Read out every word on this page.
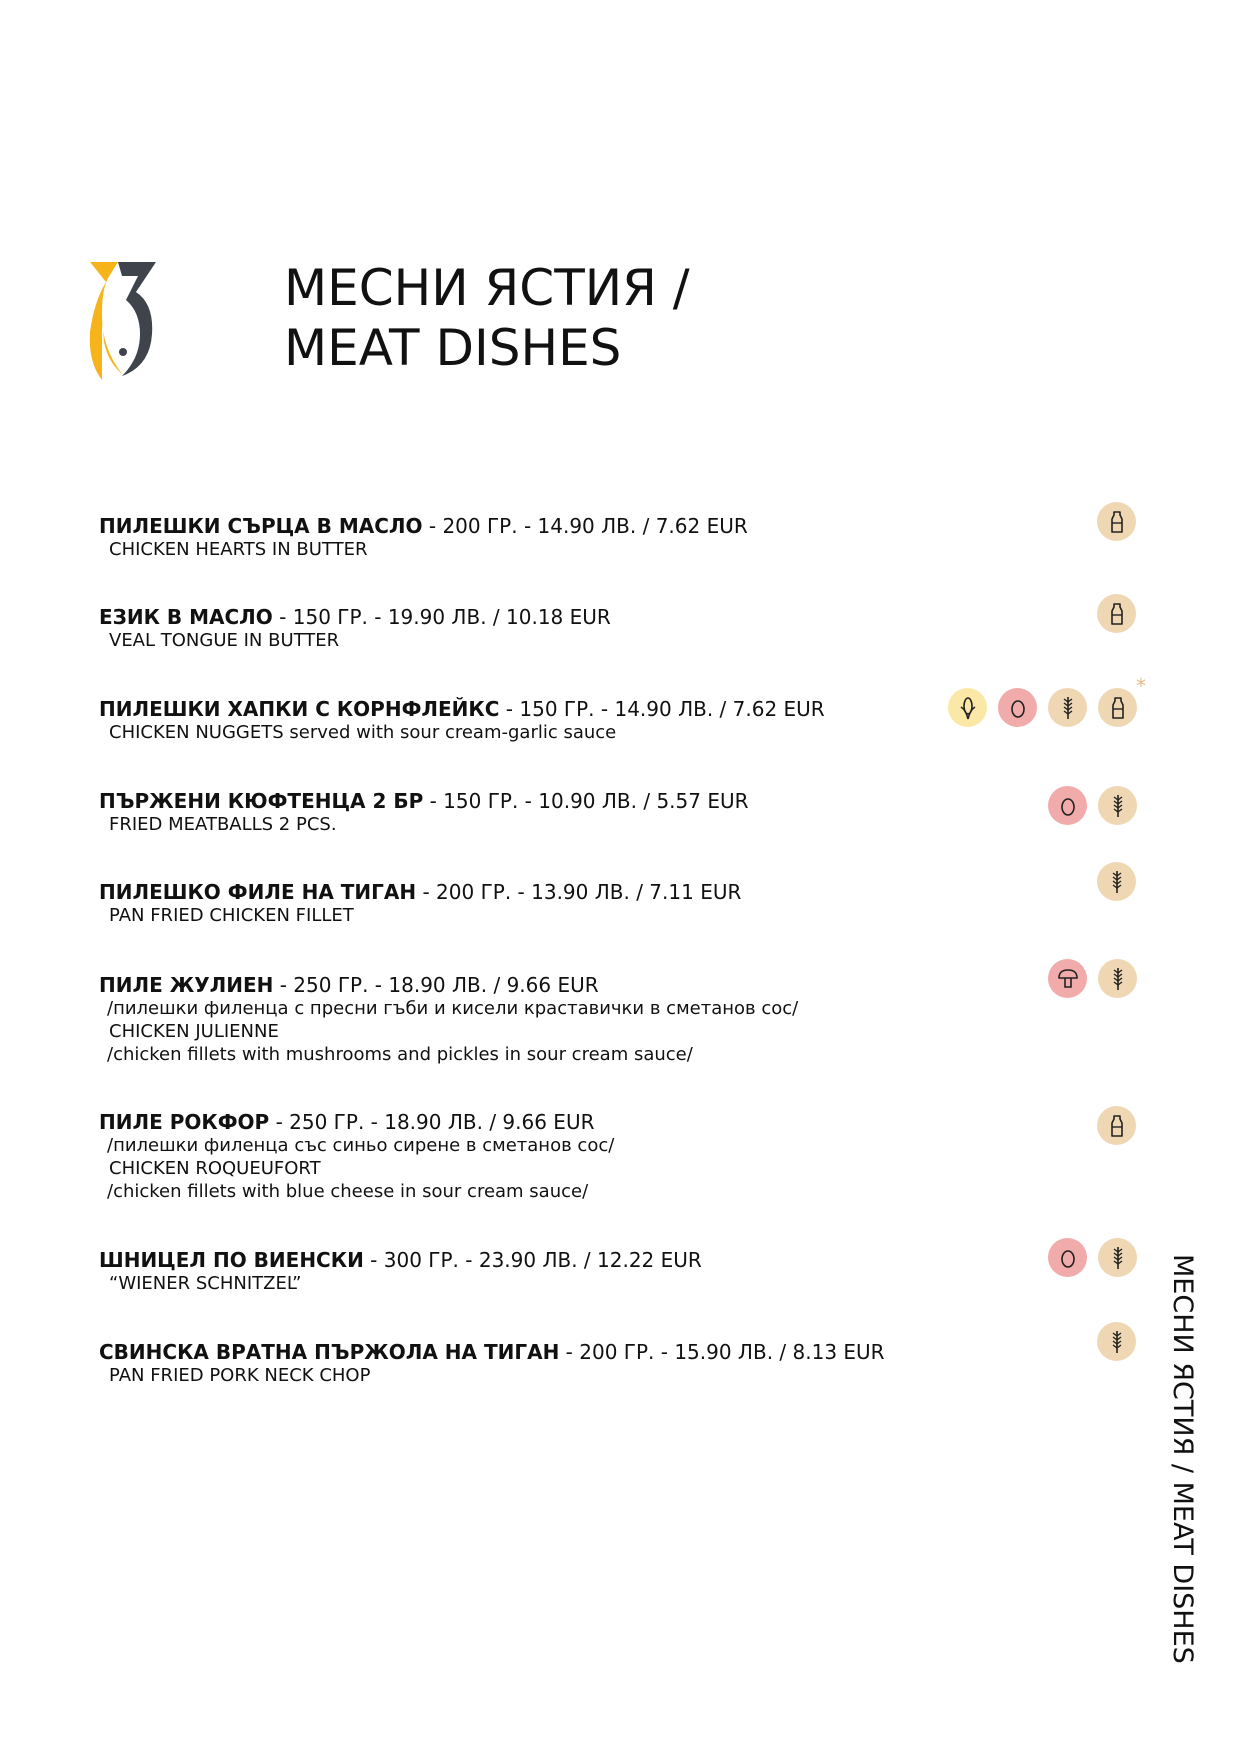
МЕСНИ ЯСТИЯ /
MEAT DISHES
ПИЛЕШКИ СЪРЦА В МАСЛО - 200 ГР. - 14.90 ЛВ. / 7.62 EUR
CHICKEN HEARTS IN BUTTER
ЕЗИК В МАСЛО - 150 ГР. - 19.90 ЛВ. / 10.18 EUR
VEAL TONGUE IN BUTTER
ПИЛЕШКИ ХАПКИ С КОРНФЛЕЙКС - 150 ГР. - 14.90 ЛВ. / 7.62 EUR
CHICKEN NUGGETS served with sour cream-garlic sauce
*
ПЪРЖЕНИ КЮФТЕНЦА 2 БР - 150 ГР. - 10.90 ЛВ. / 5.57 EUR
FRIED MEATBALLS 2 PCS.
ПИЛЕШКО ФИЛЕ НА ТИГАН - 200 ГР. - 13.90 ЛВ. / 7.11 EUR
PAN FRIED CHICKEN FILLET
ПИЛЕ ЖУЛИЕН - 250 ГР. - 18.90 ЛВ. / 9.66 EUR
/пилешки филенца с пресни гъби и кисели краставички в сметанов сос/
CHICKEN JULIENNE
/chicken fillets with mushrooms and pickles in sour cream sauce/
ПИЛЕ РОКФОР - 250 ГР. - 18.90 ЛВ. / 9.66 EUR
/пилешки филенца със синьо сирене в сметанов сос/
CHICKEN ROQUEUFORT
/chicken fillets with blue cheese in sour cream sauce/
ШНИЦЕЛ ПО ВИЕНСКИ - 300 ГР. - 23.90 ЛВ. / 12.22 EUR
“WIENER SCHNITZEL”
СВИНСКА ВРАТНА ПЪРЖОЛА НА ТИГАН - 200 ГР. - 15.90 ЛВ. / 8.13 EUR
PAN FRIED PORK NECK CHOP	МЕСНИ ЯСТИЯ / MEAT DISHES
